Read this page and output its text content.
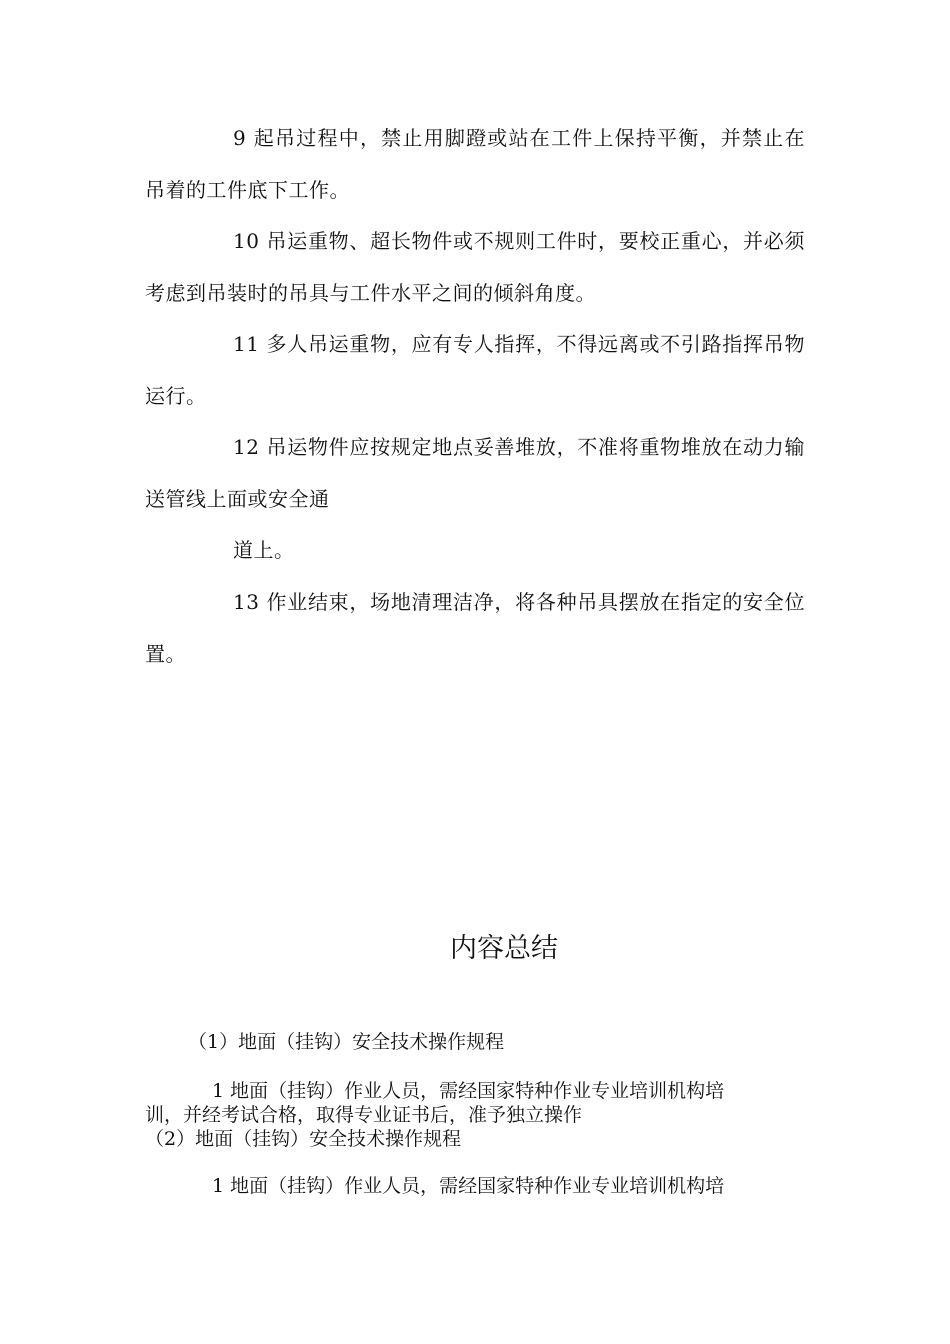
9 起吊过程中，禁止用脚蹬或站在工件上保持平衡，并禁止在吊着的工件底下工作。

10 吊运重物、超长物件或不规则工件时，要校正重心，并必须考虑到吊装时的吊具与工件水平之间的倾斜角度。

11 多人吊运重物，应有专人指挥，不得远离或不引路指挥吊物运行。

12 吊运物件应按规定地点妥善堆放，不准将重物堆放在动力输送管线上面或安全通

道上。

13 作业结束，场地清理洁净，将各种吊具摆放在指定的安全位置。

内容总结
（1）地面（挂钩）安全技术操作规程
1 地面（挂钩）作业人员，需经国家特种作业专业培训机构培
训，并经考试合格，取得专业证书后，准予独立操作
（2）地面（挂钩）安全技术操作规程
1 地面（挂钩）作业人员，需经国家特种作业专业培训机构培
